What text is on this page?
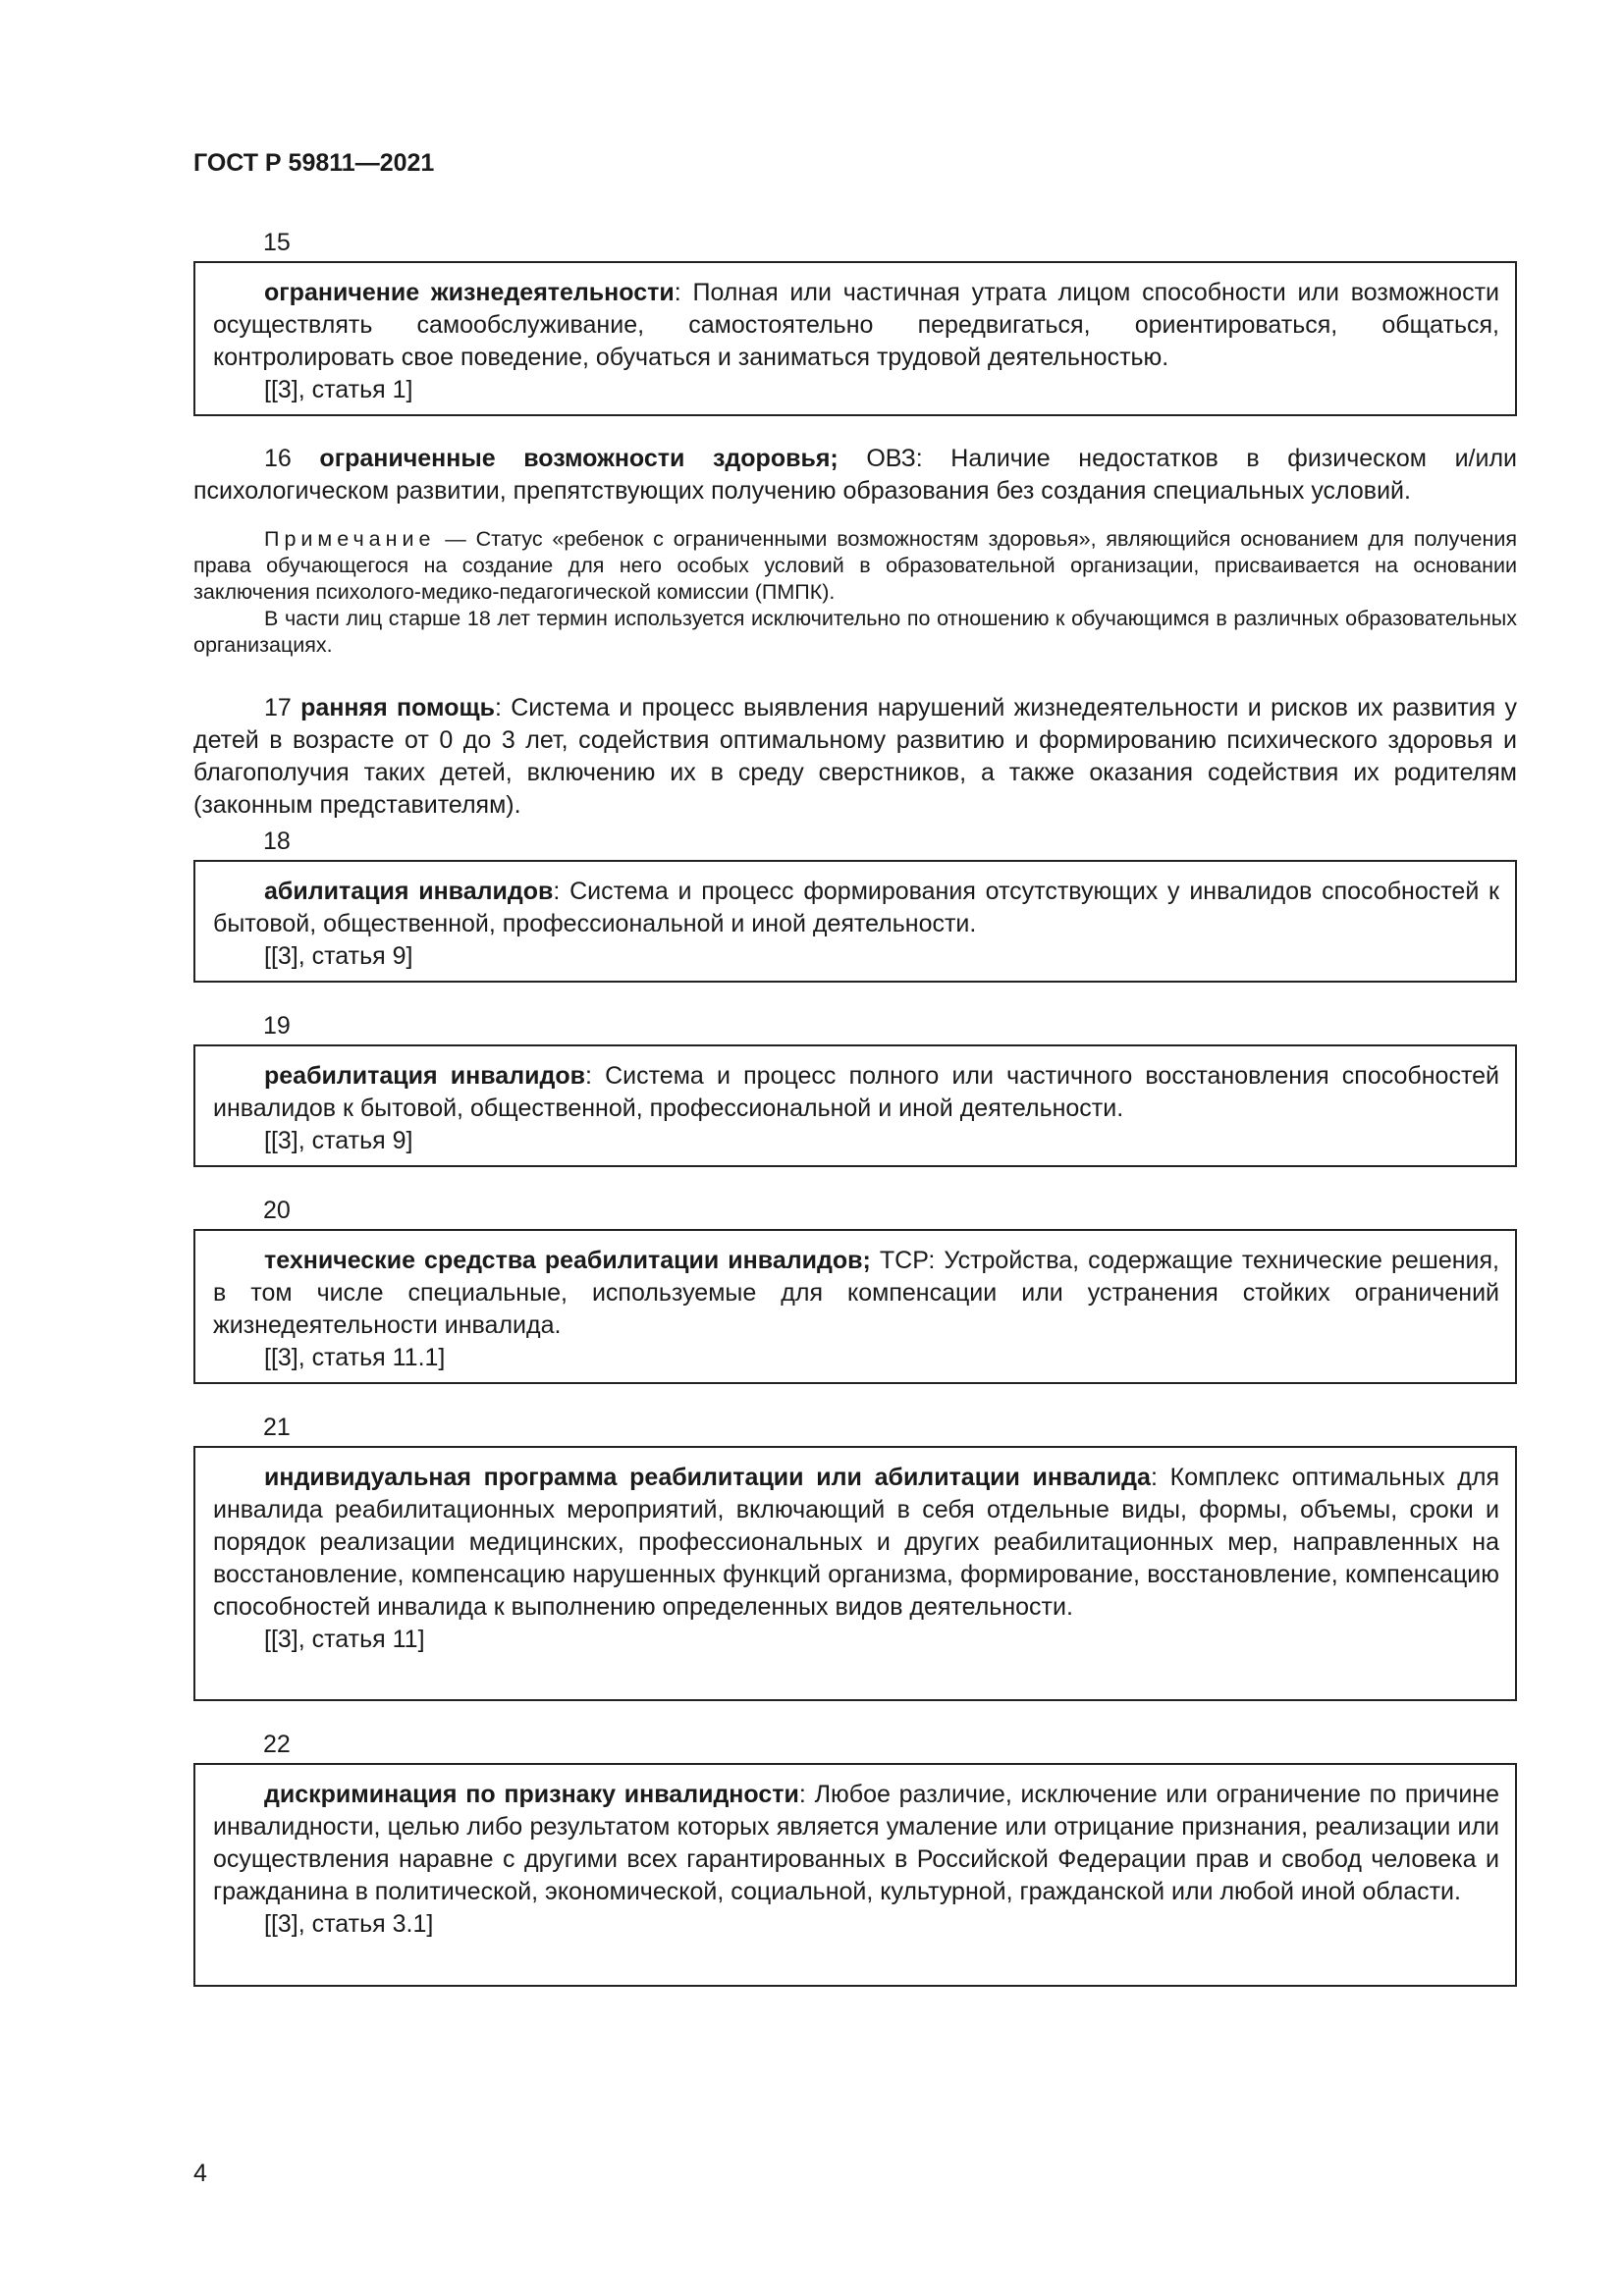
ГОСТ Р 59811—2021
15

ограничение жизнедеятельности: Полная или частичная утрата лицом способности или возможности осуществлять самообслуживание, самостоятельно передвигаться, ориентироваться, общаться, контролировать свое поведение, обучаться и заниматься трудовой деятельностью.

[[3], статья 1]

16 ограниченные возможности здоровья; ОВЗ: Наличие недостатков в физическом и/или психологическом развитии, препятствующих получению образования без создания специальных условий.

Примечание — Статус «ребенок с ограниченными возможностям здоровья», являющийся основанием для получения права обучающегося на создание для него особых условий в образовательной организации, присваивается на основании заключения психолого-медико-педагогической комиссии (ПМПК).

В части лиц старше 18 лет термин используется исключительно по отношению к обучающимся в различных образовательных организациях.

17 ранняя помощь: Система и процесс выявления нарушений жизнедеятельности и рисков их развития у детей в возрасте от 0 до 3 лет, содействия оптимальному развитию и формированию психического здоровья и благополучия таких детей, включению их в среду сверстников, а также оказания содействия их родителям (законным представителям).

18

абилитация инвалидов: Система и процесс формирования отсутствующих у инвалидов способностей к бытовой, общественной, профессиональной и иной деятельности.

[[3], статья 9]
19

реабилитация инвалидов: Система и процесс полного или частичного восстановления способностей инвалидов к бытовой, общественной, профессиональной и иной деятельности.

[[3], статья 9]
20

технические средства реабилитации инвалидов; ТСР: Устройства, содержащие технические решения, в том числе специальные, используемые для компенсации или устранения стойких ограничений жизнедеятельности инвалида.

[[3], статья 11.1]
21

индивидуальная программа реабилитации или абилитации инвалида: Комплекс оптимальных для инвалида реабилитационных мероприятий, включающий в себя отдельные виды, формы, объемы, сроки и порядок реализации медицинских, профессиональных и других реабилитационных мер, направленных на восстановление, компенсацию нарушенных функций организма, формирование, восстановление, компенсацию способностей инвалида к выполнению определенных видов деятельности.

[[3], статья 11]
22

дискриминация по признаку инвалидности: Любое различие, исключение или ограничение по причине инвалидности, целью либо результатом которых является умаление или отрицание признания, реализации или осуществления наравне с другими всех гарантированных в Российской Федерации прав и свобод человека и гражданина в политической, экономической, социальной, культурной, гражданской или любой иной области.

[[3], статья 3.1]
4
